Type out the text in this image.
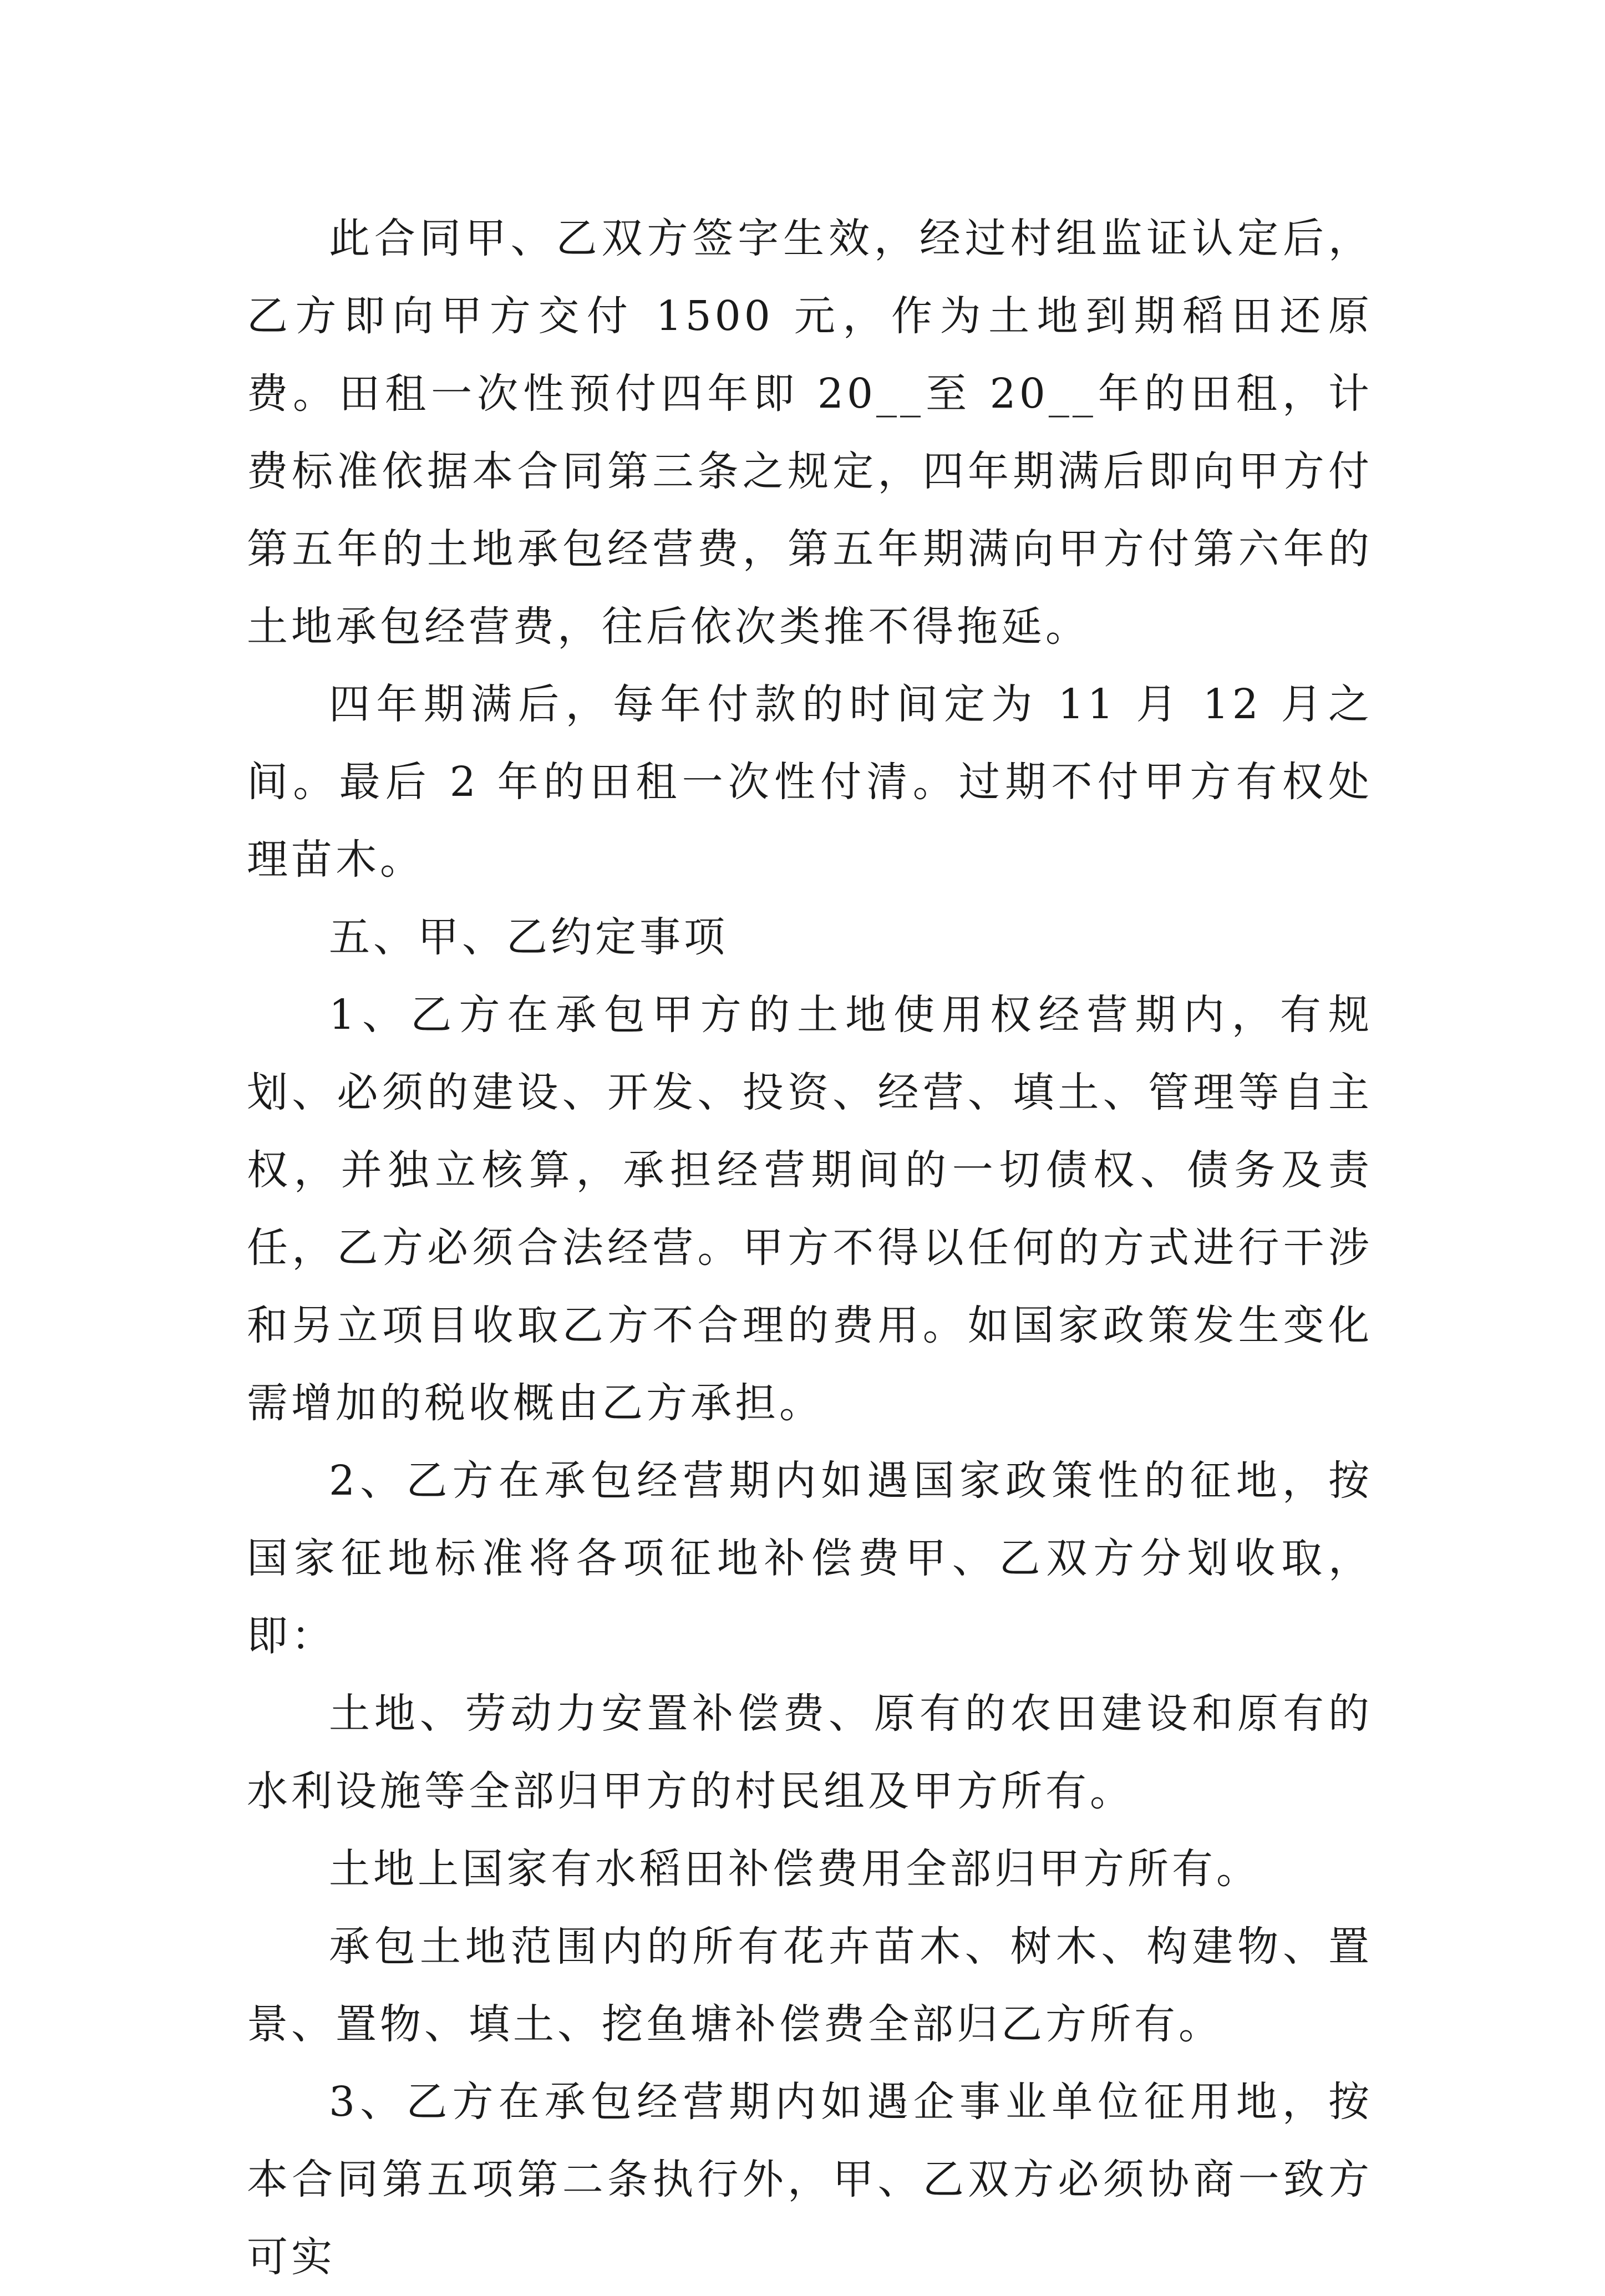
此合同甲、乙双方签字生效，经过村组监证认定后，乙方即向甲方交付 1500 元，作为土地到期稻田还原费。田租一次性预付四年即 20__至 20__年的田租，计费标准依据本合同第三条之规定，四年期满后即向甲方付第五年的土地承包经营费，第五年期满向甲方付第六年的土地承包经营费，往后依次类推不得拖延。

四年期满后，每年付款的时间定为 11 月 12 月之间。最后 2 年的田租一次性付清。过期不付甲方有权处理苗木。

五、甲、乙约定事项

1、乙方在承包甲方的土地使用权经营期内，有规划、必须的建设、开发、投资、经营、填土、管理等自主权，并独立核算，承担经营期间的一切债权、债务及责任，乙方必须合法经营。甲方不得以任何的方式进行干涉和另立项目收取乙方不合理的费用。如国家政策发生变化需增加的税收概由乙方承担。

2、乙方在承包经营期内如遇国家政策性的征地，按国家征地标准将各项征地补偿费甲、乙双方分划收取，即：

土地、劳动力安置补偿费、原有的农田建设和原有的水利设施等全部归甲方的村民组及甲方所有。

土地上国家有水稻田补偿费用全部归甲方所有。

承包土地范围内的所有花卉苗木、树木、构建物、置景、置物、填土、挖鱼塘补偿费全部归乙方所有。

3、乙方在承包经营期内如遇企事业单位征用地，按本合同第五项第二条执行外，甲、乙双方必须协商一致方可实
